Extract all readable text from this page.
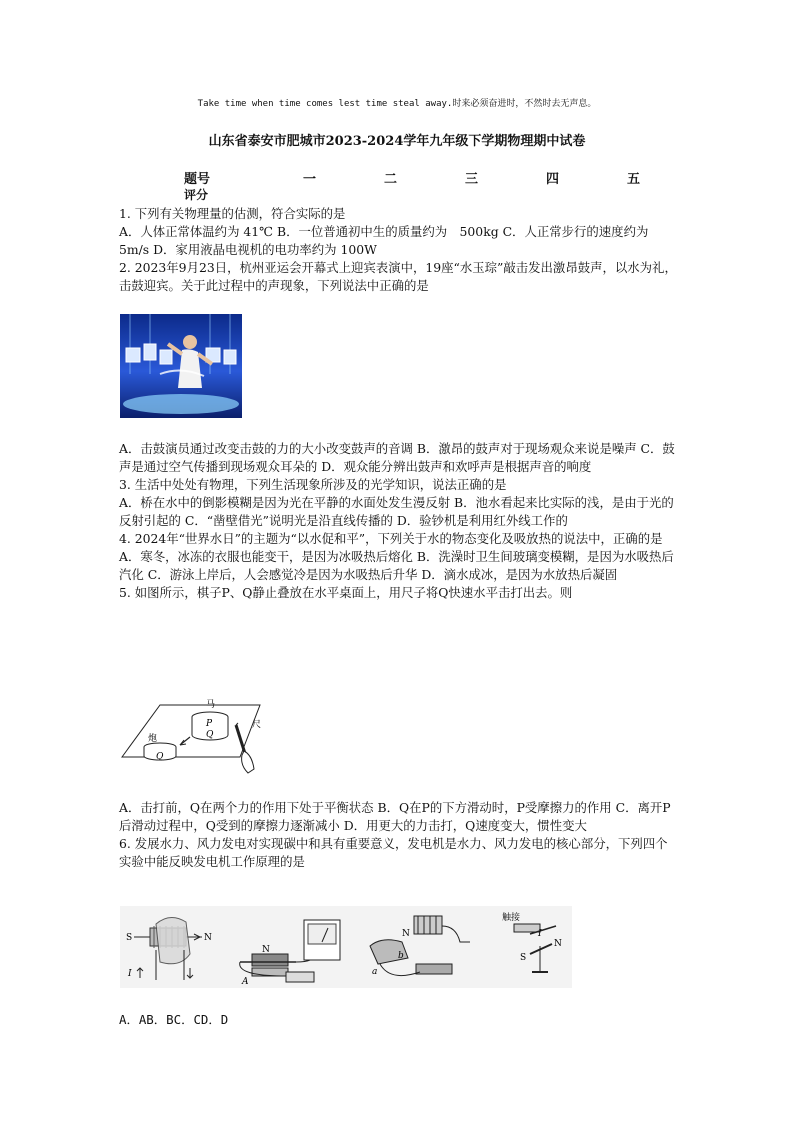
Take time when time comes lest time steal away.时来必须奋进时，不然时去无声息。
山东省泰安市肥城市2023-2024学年九年级下学期物理期中试卷
题号	一	二	三	四	五
评分

1. 下列有关物理量的估测，符合实际的是

A．人体正常体温约为 41℃ B．一位普通初中生的质量约为　500kg C．人正常步行的速度约为 5m/s D．家用液晶电视机的电功率约为 100W

2. 2023年9月23日，杭州亚运会开幕式上迎宾表演中，19座“水玉琮”敲击发出激昂鼓声，以水为礼，击鼓迎宾。关于此过程中的声现象，下列说法中正确的是

A．击鼓演员通过改变击鼓的力的大小改变鼓声的音调 B．激昂的鼓声对于现场观众来说是噪声 C．鼓声是通过空气传播到现场观众耳朵的 D．观众能分辨出鼓声和欢呼声是根据声音的响度

3. 生活中处处有物理，下列生活现象所涉及的光学知识，说法正确的是

A．桥在水中的倒影模糊是因为光在平静的水面处发生漫反射 B．池水看起来比实际的浅，是由于光的反射引起的 C．“凿壁借光”说明光是沿直线传播的 D．验钞机是利用红外线工作的

4. 2024年“世界水日”的主题为“以水促和平”，下列关于水的物态变化及吸放热的说法中，正确的是

A．寒冬，冰冻的衣服也能变干，是因为冰吸热后熔化 B．洗澡时卫生间玻璃变模糊，是因为水吸热后汽化 C．游泳上岸后，人会感觉冷是因为水吸热后升华 D．滴水成冰，是因为水放热后凝固

5. 如图所示，棋子P、Q静止叠放在水平桌面上，用尺子将Q快速水平击打出去。则

P
Q
马
Q
炮
尺

A．击打前，Q在两个力的作用下处于平衡状态 B．Q在P的下方滑动时，P受摩擦力的作用 C．离开P后滑动过程中，Q受到的摩擦力逐渐减小 D．用更大的力击打，Q速度变大，惯性变大

6. 发展水力、风力发电对实现碳中和具有重要意义，发电机是水力、风力发电的核心部分，下列四个实验中能反映发电机工作原理的是

S	N
I
N
A
N
a
b
触接
I
S
N

A．AB．BC．CD．D
